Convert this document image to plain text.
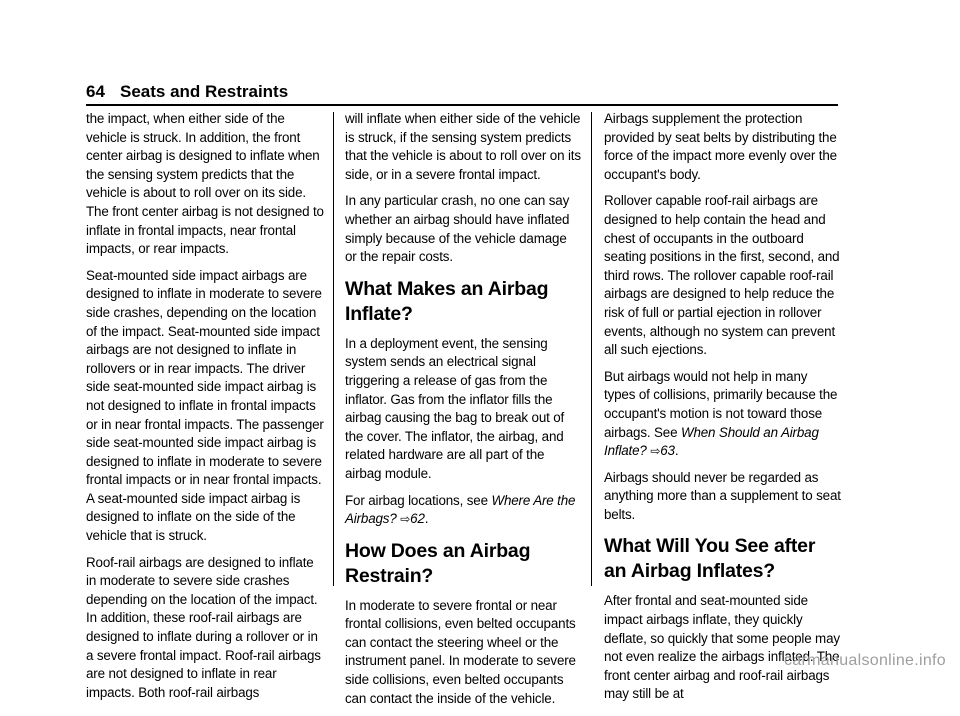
64 Seats and Restraints

the impact, when either side of the vehicle is struck. In addition, the front center airbag is designed to inflate when the sensing system predicts that the vehicle is about to roll over on its side. The front center airbag is not designed to inflate in frontal impacts, near frontal impacts, or rear impacts.

Seat-mounted side impact airbags are designed to inflate in moderate to severe side crashes, depending on the location of the impact. Seat-mounted side impact airbags are not designed to inflate in rollovers or in rear impacts. The driver side seat-mounted side impact airbag is not designed to inflate in frontal impacts or in near frontal impacts. The passenger side seat-mounted side impact airbag is designed to inflate in moderate to severe frontal impacts or in near frontal impacts.

A seat-mounted side impact airbag is designed to inflate on the side of the vehicle that is struck.

Roof-rail airbags are designed to inflate in moderate to severe side crashes depending on the location of the impact. In addition, these roof-rail airbags are designed to inflate during a rollover or in a severe frontal impact. Roof-rail airbags are not designed to inflate in rear impacts. Both roof-rail airbags

will inflate when either side of the vehicle is struck, if the sensing system predicts that the vehicle is about to roll over on its side, or in a severe frontal impact.

In any particular crash, no one can say whether an airbag should have inflated simply because of the vehicle damage or the repair costs.

What Makes an Airbag Inflate?

In a deployment event, the sensing system sends an electrical signal triggering a release of gas from the inflator. Gas from the inflator fills the airbag causing the bag to break out of the cover. The inflator, the airbag, and related hardware are all part of the airbag module.

For airbag locations, see Where Are the Airbags? ⇨62.

How Does an Airbag Restrain?

In moderate to severe frontal or near frontal collisions, even belted occupants can contact the steering wheel or the instrument panel. In moderate to severe side collisions, even belted occupants can contact the inside of the vehicle.

Airbags supplement the protection provided by seat belts by distributing the force of the impact more evenly over the occupant's body.

Rollover capable roof-rail airbags are designed to help contain the head and chest of occupants in the outboard seating positions in the first, second, and third rows. The rollover capable roof-rail airbags are designed to help reduce the risk of full or partial ejection in rollover events, although no system can prevent all such ejections.

But airbags would not help in many types of collisions, primarily because the occupant's motion is not toward those airbags. See When Should an Airbag Inflate? ⇨63.

Airbags should never be regarded as anything more than a supplement to seat belts.

What Will You See after an Airbag Inflates?

After frontal and seat-mounted side impact airbags inflate, they quickly deflate, so quickly that some people may not even realize the airbags inflated. The front center airbag and roof-rail airbags may still be at

carmanualsonline.info
